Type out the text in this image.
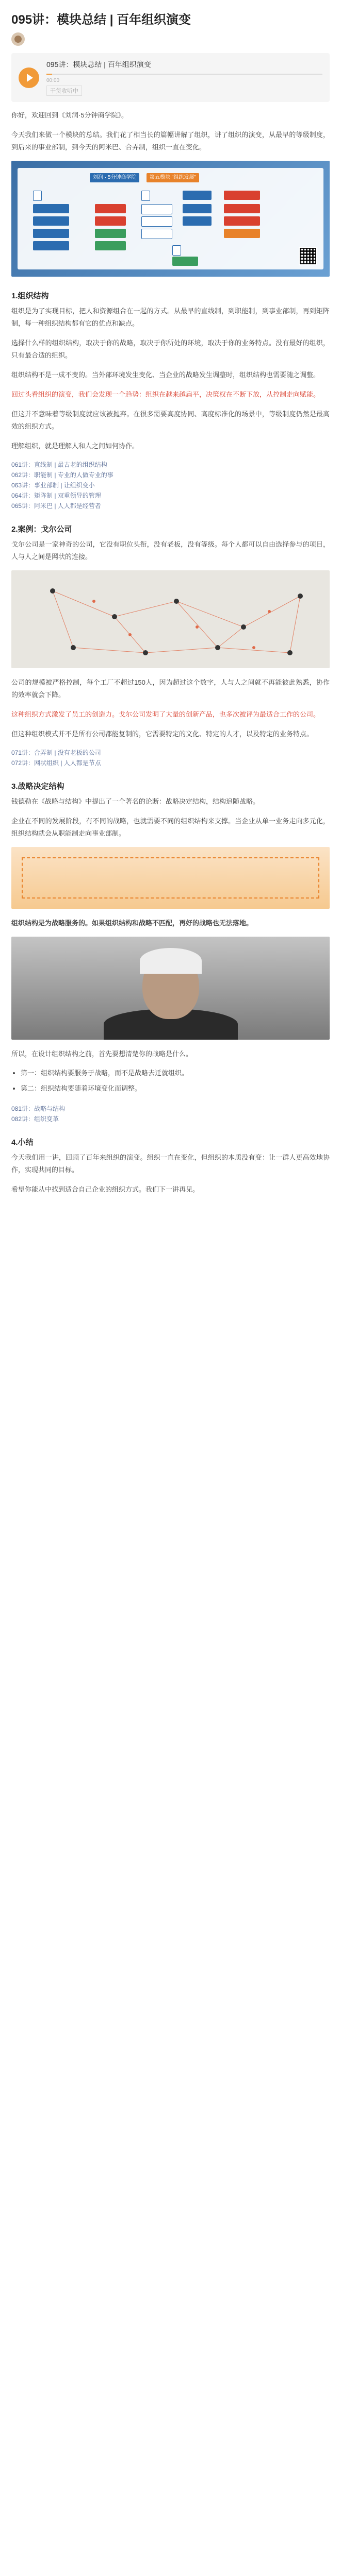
095讲：模块总结 | 百年组织演变
095讲：模块总结 | 百年组织演变
00:00
干货收听中

你好，欢迎回到《刘润·5分钟商学院》。

今天我们来做一个模块的总结。我们花了相当长的篇幅讲解了组织，讲了组织的演变，从最早的等级制度，到后来的事业部制，到今天的阿米巴、合弄制，组织一直在变化。

刘润 · 5分钟商学院	第五模块 "组织发展"

1.组织结构

组织是为了实现目标，把人和资源组合在一起的方式。从最早的直线制，到职能制，到事业部制，再到矩阵制，每一种组织结构都有它的优点和缺点。

选择什么样的组织结构，取决于你的战略，取决于你所处的环境，取决于你的业务特点。没有最好的组织，只有最合适的组织。

组织结构不是一成不变的。当外部环境发生变化、当企业的战略发生调整时，组织结构也需要随之调整。

回过头看组织的演变，我们会发现一个趋势：组织在越来越扁平，决策权在不断下放，从控制走向赋能。

但这并不意味着等级制度就应该被抛弃。在很多需要高度协同、高度标准化的场景中，等级制度仍然是最高效的组织方式。

理解组织，就是理解人和人之间如何协作。

061讲：直线制 | 最古老的组织结构
062讲：职能制 | 专业的人做专业的事
063讲：事业部制 | 让组织变小
064讲：矩阵制 | 双重领导的管理
065讲：阿米巴 | 人人都是经营者
2.案例：戈尔公司

戈尔公司是一家神奇的公司，它没有职位头衔，没有老板，没有等级。每个人都可以自由选择参与的项目，人与人之间是网状的连接。

公司的规模被严格控制，每个工厂不超过150人，因为超过这个数字，人与人之间就不再能彼此熟悉，协作的效率就会下降。

这种组织方式激发了员工的创造力。戈尔公司发明了大量的创新产品，也多次被评为最适合工作的公司。

但这种组织模式并不是所有公司都能复制的，它需要特定的文化、特定的人才，以及特定的业务特点。

071讲：合弄制 | 没有老板的公司
072讲：网状组织 | 人人都是节点
3.战略决定结构

钱德勒在《战略与结构》中提出了一个著名的论断：战略决定结构，结构追随战略。

企业在不同的发展阶段，有不同的战略，也就需要不同的组织结构来支撑。当企业从单一业务走向多元化，组织结构就会从职能制走向事业部制。

组织结构是为战略服务的。如果组织结构和战略不匹配，再好的战略也无法落地。

所以，在设计组织结构之前，首先要想清楚你的战略是什么。

• 第一：组织结构要服务于战略，而不是战略去迁就组织。
• 第二：组织结构要随着环境变化而调整。
081讲：战略与结构
082讲：组织变革
4.小结

今天我们用一讲，回顾了百年来组织的演变。组织一直在变化，但组织的本质没有变：让一群人更高效地协作，实现共同的目标。

希望你能从中找到适合自己企业的组织方式。我们下一讲再见。
